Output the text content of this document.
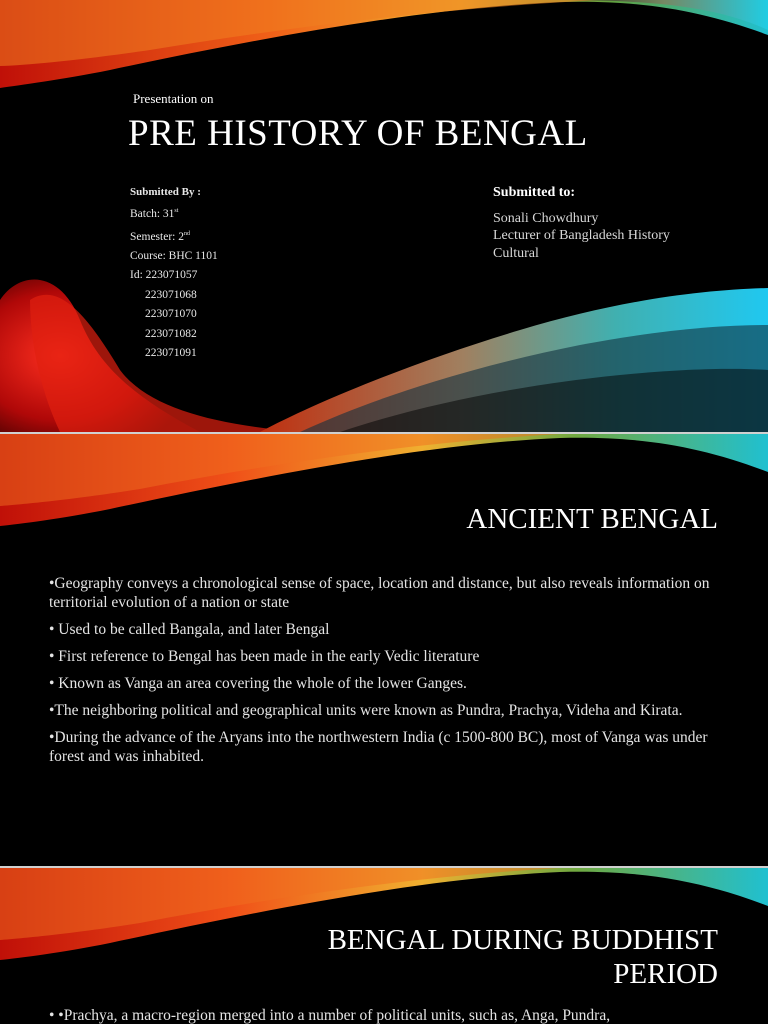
Presentation on
PRE HISTORY OF BENGAL
Submitted By :
Batch: 31st
Semester: 2nd
Course: BHC 1101
Id: 223071057
223071068
223071070
223071082
223071091
Submitted to:
Sonali Chowdhury
Lecturer of Bangladesh History
Cultural
ANCIENT BENGAL

•Geography conveys a chronological sense of space, location and distance, but also reveals information on territorial evolution of a nation or state

• Used to be called Bangala, and later Bengal

• First reference to Bengal has been made in the early Vedic literature

• Known as Vanga an area covering the whole of the lower Ganges.

•The neighboring political and geographical units were known as Pundra, Prachya, Videha and Kirata.

•During the advance of the Aryans into the northwestern India (c 1500-800 BC), most of Vanga was under forest and was inhabited.

BENGAL DURING BUDDHIST
PERIOD
• •Prachya, a macro-region merged into a number of political units, such as, Anga, Pundra,
